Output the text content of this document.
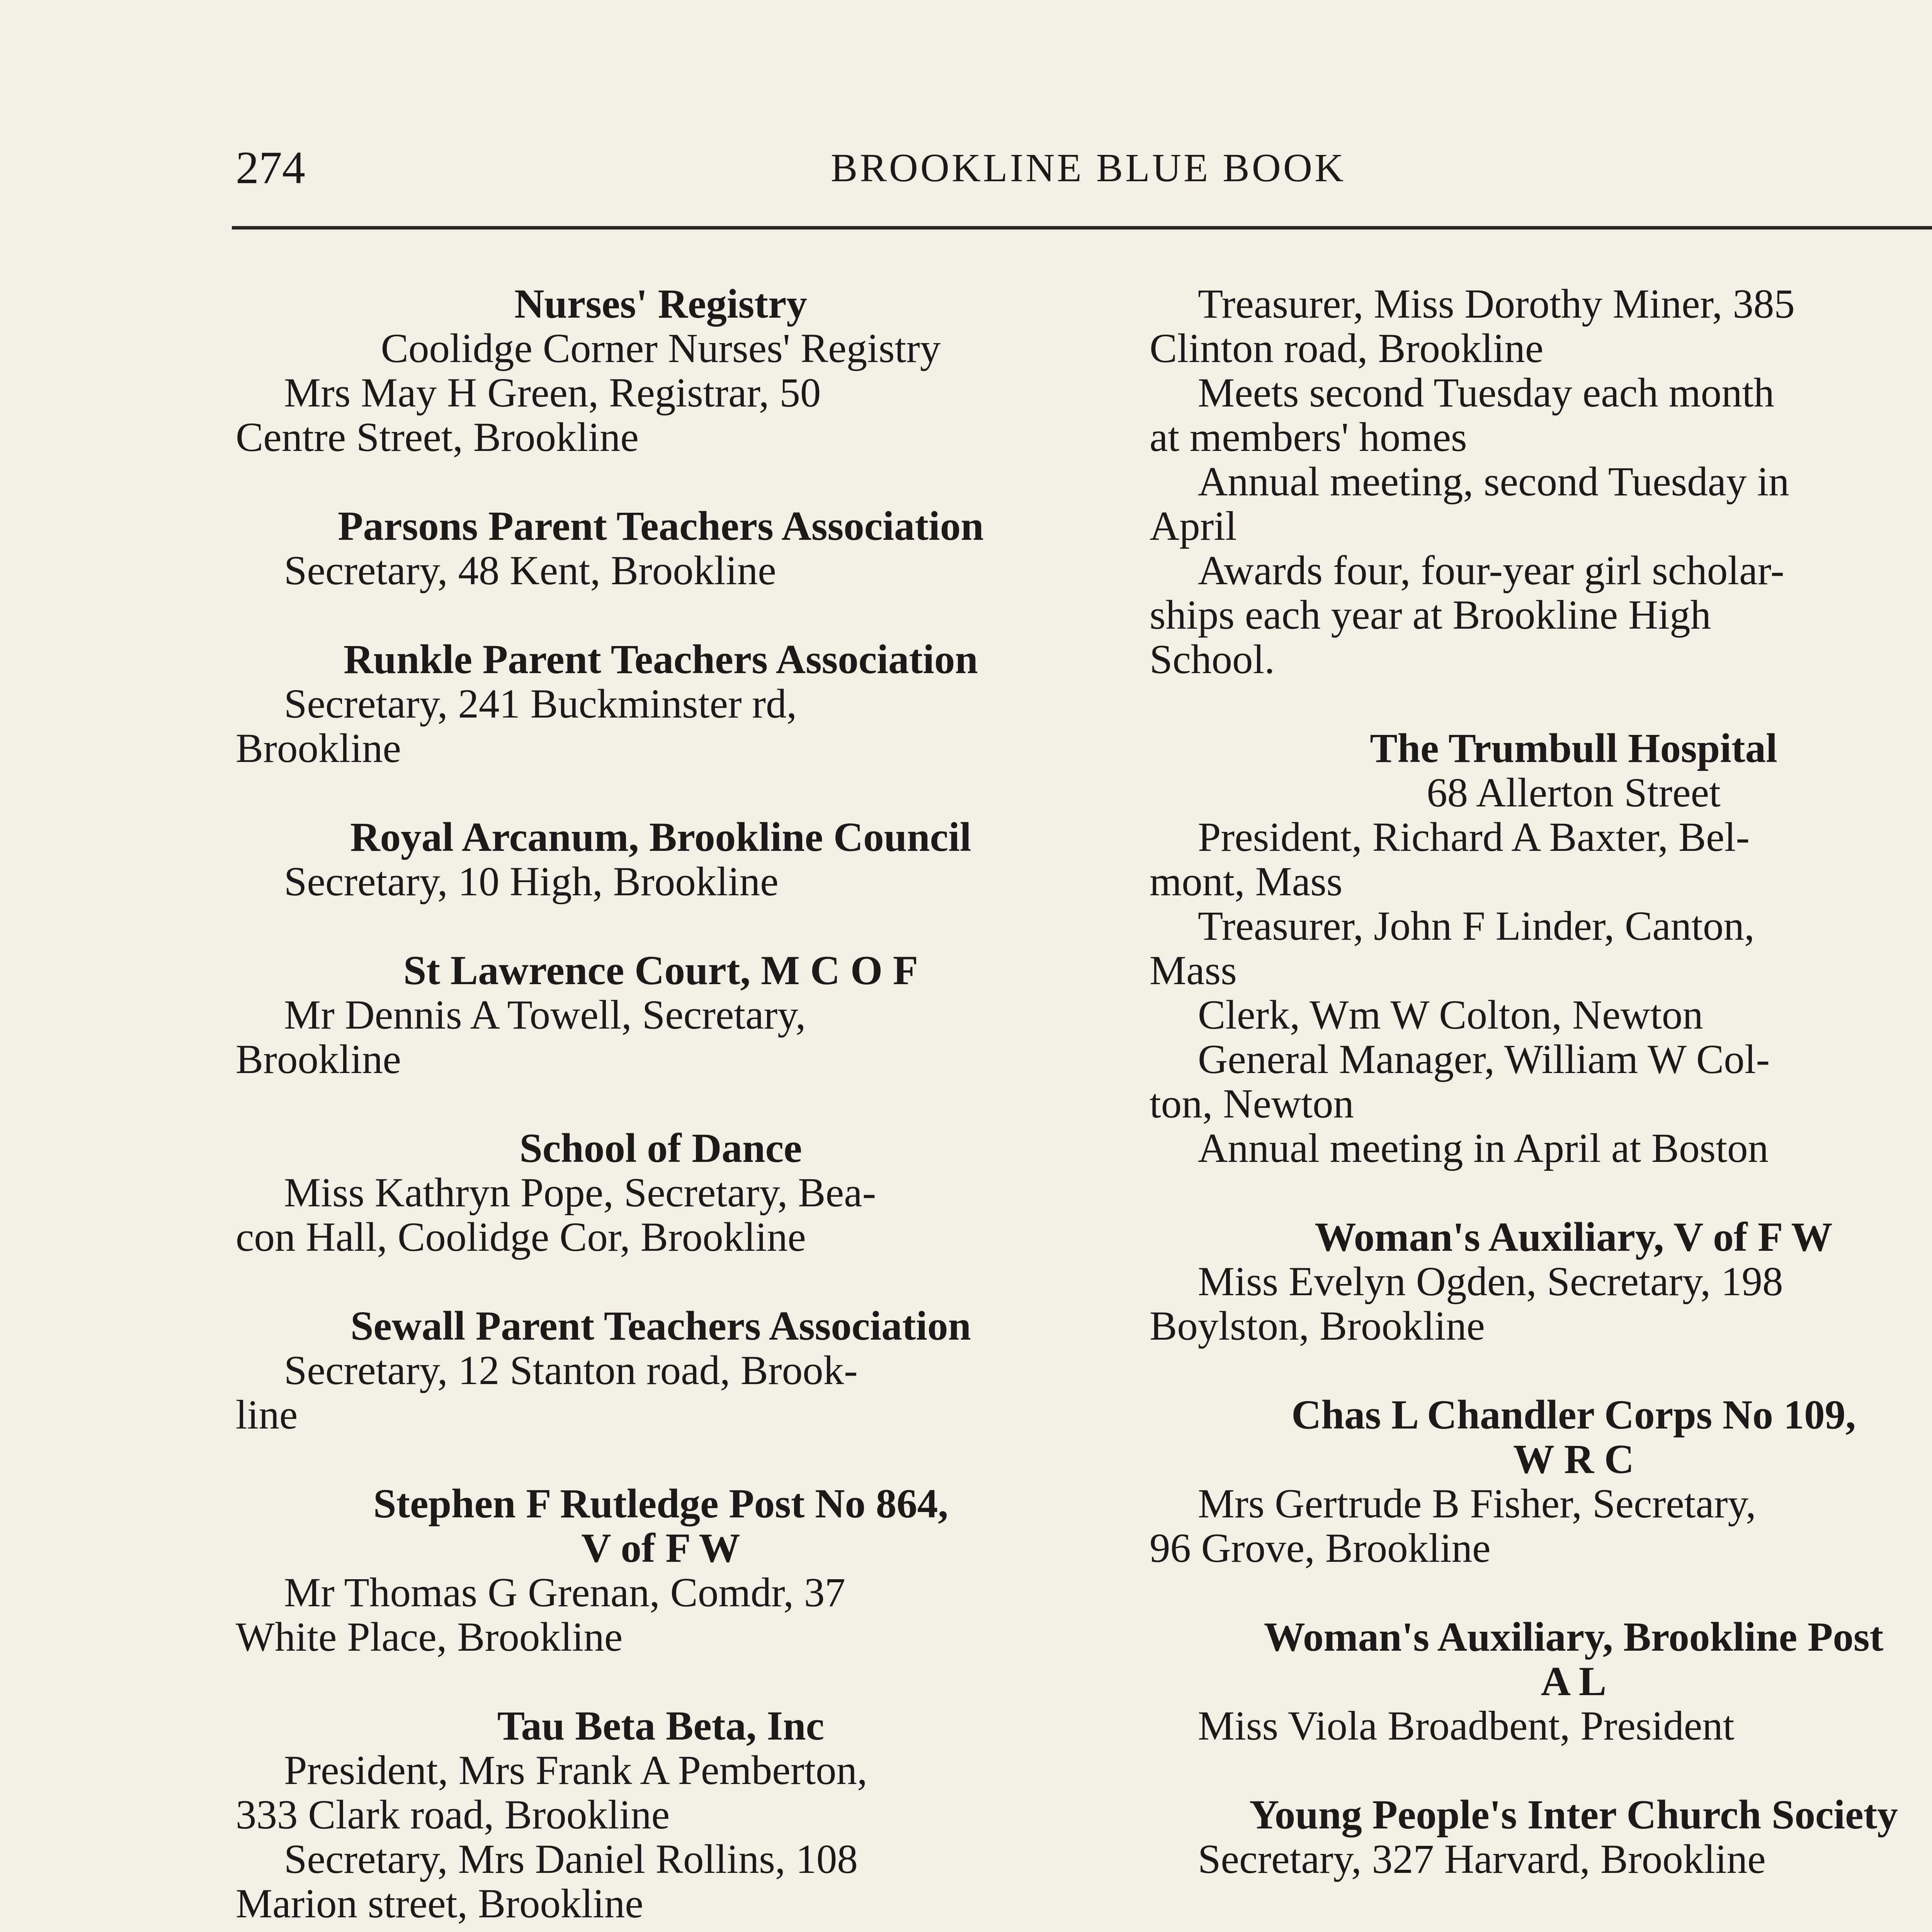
274	BROOKLINE BLUE BOOK
Nurses' Registry
Coolidge Corner Nurses' Registry
Mrs May H Green, Registrar, 50
Centre Street, Brookline
Parsons Parent Teachers Association
Secretary, 48 Kent, Brookline
Runkle Parent Teachers Association
Secretary, 241 Buckminster rd,
Brookline
Royal Arcanum, Brookline Council
Secretary, 10 High, Brookline
St Lawrence Court, M C O F
Mr Dennis A Towell, Secretary,
Brookline
School of Dance
Miss Kathryn Pope, Secretary, Bea-
con Hall, Coolidge Cor, Brookline
Sewall Parent Teachers Association
Secretary, 12 Stanton road, Brook-
line
Stephen F Rutledge Post No 864,
V of F W
Mr Thomas G Grenan, Comdr, 37
White Place, Brookline
Tau Beta Beta, Inc
President, Mrs Frank A Pemberton,
333 Clark road, Brookline
Secretary, Mrs Daniel Rollins, 108
Marion street, Brookline
Treasurer, Miss Dorothy Miner, 385
Clinton road, Brookline
Meets second Tuesday each month
at members' homes
Annual meeting, second Tuesday in
April
Awards four, four-year girl scholar-
ships each year at Brookline High
School.
The Trumbull Hospital
68 Allerton Street
President, Richard A Baxter, Bel-
mont, Mass
Treasurer, John F Linder, Canton,
Mass
Clerk, Wm W Colton, Newton
General Manager, William W Col-
ton, Newton
Annual meeting in April at Boston
Woman's Auxiliary, V of F W
Miss Evelyn Ogden, Secretary, 198
Boylston, Brookline
Chas L Chandler Corps No 109,
W R C
Mrs Gertrude B Fisher, Secretary,
96 Grove, Brookline
Woman's Auxiliary, Brookline Post
A L
Miss Viola Broadbent, President
Young People's Inter Church Society
Secretary, 327 Harvard, Brookline
